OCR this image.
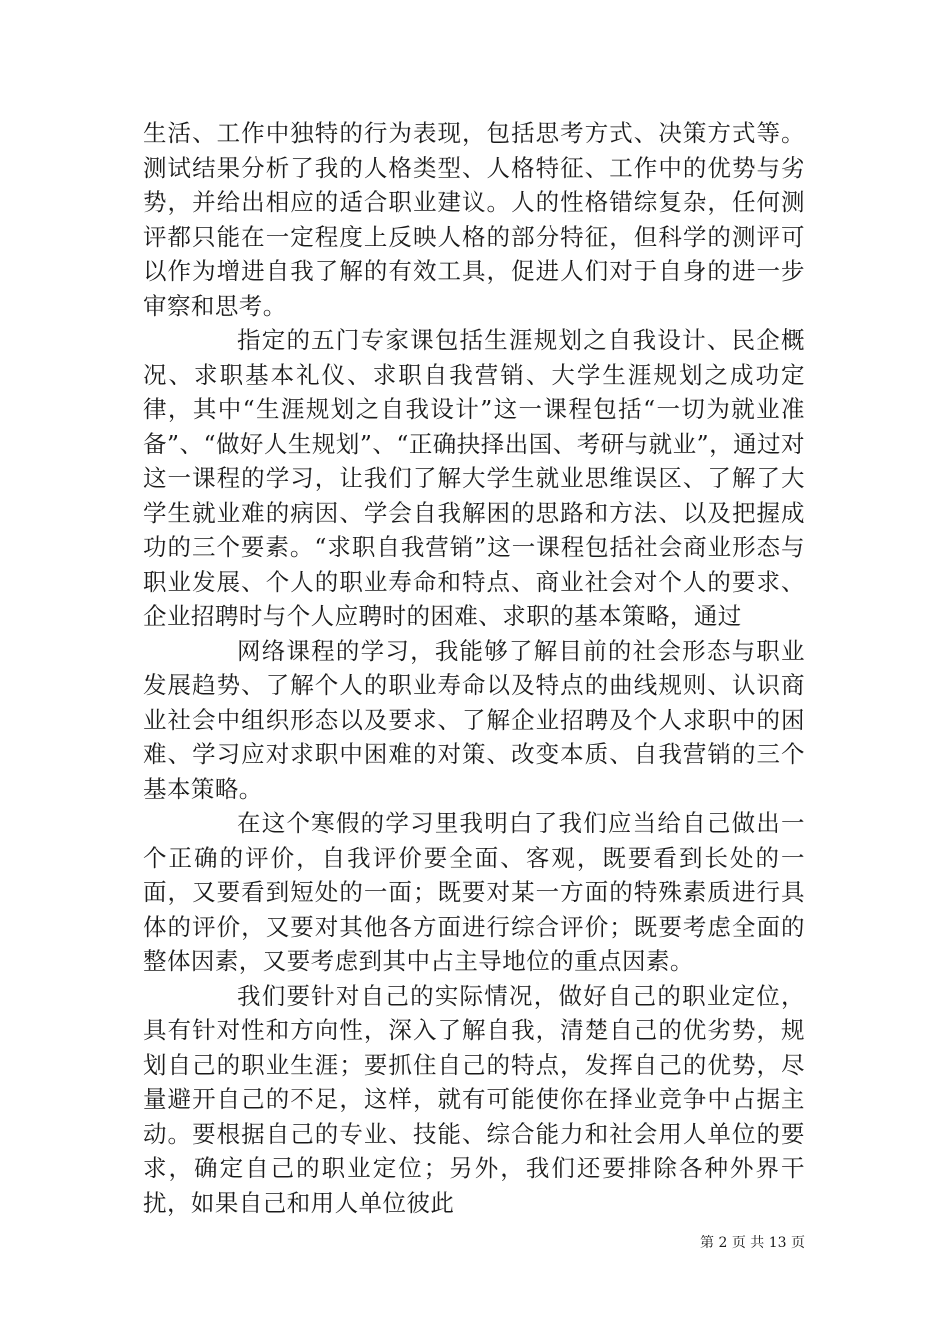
生活、工作中独特的行为表现，包括思考方式、决策方式等。测试结果分析了我的人格类型、人格特征、工作中的优势与劣势，并给出相应的适合职业建议。人的性格错综复杂，任何测评都只能在一定程度上反映人格的部分特征，但科学的测评可以作为增进自我了解的有效工具，促进人们对于自身的进一步审察和思考。

指定的五门专家课包括生涯规划之自我设计、民企概况、求职基本礼仪、求职自我营销、大学生涯规划之成功定律，其中“生涯规划之自我设计”这一课程包括“一切为就业准备”、“做好人生规划”、“正确抉择出国、考研与就业”，通过对这一课程的学习，让我们了解大学生就业思维误区、了解了大学生就业难的病因、学会自我解困的思路和方法、以及把握成功的三个要素。“求职自我营销”这一课程包括社会商业形态与职业发展、个人的职业寿命和特点、商业社会对个人的要求、企业招聘时与个人应聘时的困难、求职的基本策略，通过

网络课程的学习，我能够了解目前的社会形态与职业发展趋势、了解个人的职业寿命以及特点的曲线规则、认识商业社会中组织形态以及要求、了解企业招聘及个人求职中的困难、学习应对求职中困难的对策、改变本质、自我营销的三个基本策略。

在这个寒假的学习里我明白了我们应当给自己做出一个正确的评价，自我评价要全面、客观，既要看到长处的一面，又要看到短处的一面；既要对某一方面的特殊素质进行具体的评价，又要对其他各方面进行综合评价；既要考虑全面的整体因素，又要考虑到其中占主导地位的重点因素。

我们要针对自己的实际情况，做好自己的职业定位，具有针对性和方向性，深入了解自我，清楚自己的优劣势，规划自己的职业生涯；要抓住自己的特点，发挥自己的优势，尽量避开自己的不足，这样，就有可能使你在择业竞争中占据主动。要根据自己的专业、技能、综合能力和社会用人单位的要求，确定自己的职业定位；另外，我们还要排除各种外界干扰，如果自己和用人单位彼此

第 2 页 共 13 页
